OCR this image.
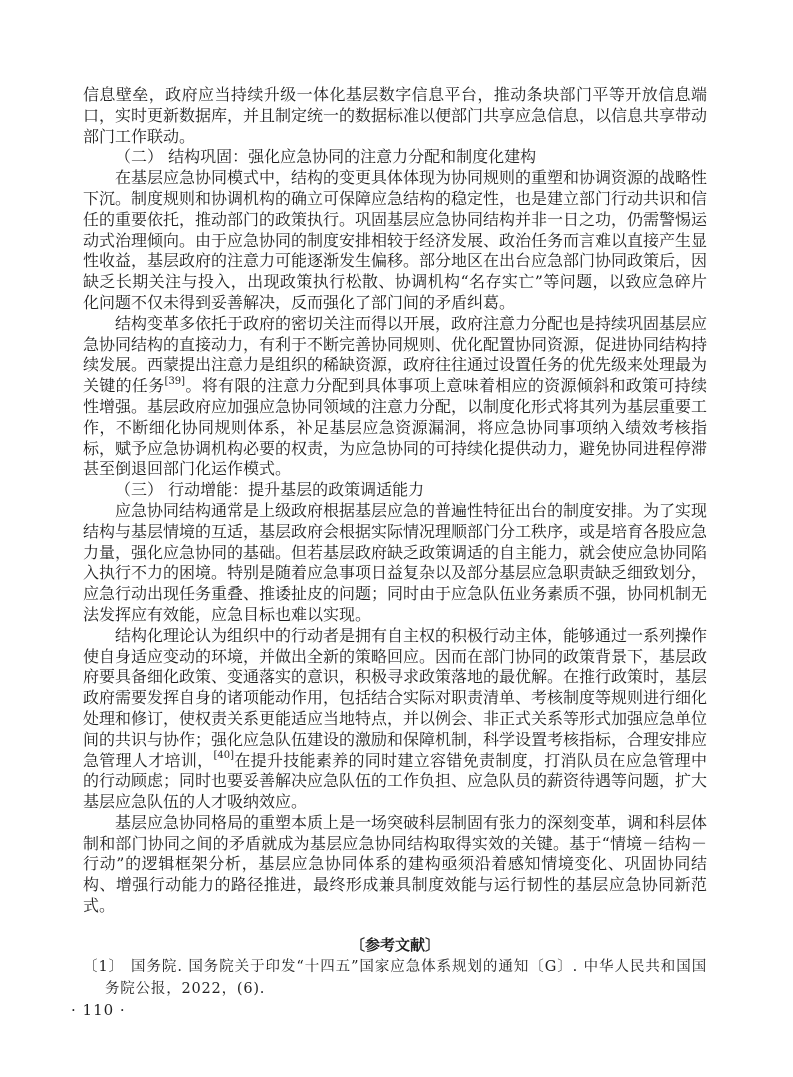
信息壁垒，政府应当持续升级一体化基层数字信息平台，推动条块部门平等开放信息端口，实时更新数据库，并且制定统一的数据标准以便部门共享应急信息，以信息共享带动部门工作联动。

（二） 结构巩固：强化应急协同的注意力分配和制度化建构

在基层应急协同模式中，结构的变更具体体现为协同规则的重塑和协调资源的战略性下沉。制度规则和协调机构的确立可保障应急结构的稳定性，也是建立部门行动共识和信任的重要依托，推动部门的政策执行。巩固基层应急协同结构并非一日之功，仍需警惕运动式治理倾向。由于应急协同的制度安排相较于经济发展、政治任务而言难以直接产生显性收益，基层政府的注意力可能逐渐发生偏移。部分地区在出台应急部门协同政策后，因缺乏长期关注与投入，出现政策执行松散、协调机构“名存实亡”等问题，以致应急碎片化问题不仅未得到妥善解决，反而强化了部门间的矛盾纠葛。

结构变革多依托于政府的密切关注而得以开展，政府注意力分配也是持续巩固基层应急协同结构的直接动力，有利于不断完善协同规则、优化配置协同资源，促进协同结构持续发展。西蒙提出注意力是组织的稀缺资源，政府往往通过设置任务的优先级来处理最为关键的任务[39]。将有限的注意力分配到具体事项上意味着相应的资源倾斜和政策可持续性增强。基层政府应加强应急协同领域的注意力分配，以制度化形式将其列为基层重要工作，不断细化协同规则体系，补足基层应急资源漏洞，将应急协同事项纳入绩效考核指标，赋予应急协调机构必要的权责，为应急协同的可持续化提供动力，避免协同进程停滞甚至倒退回部门化运作模式。

（三） 行动增能：提升基层的政策调适能力

应急协同结构通常是上级政府根据基层应急的普遍性特征出台的制度安排。为了实现结构与基层情境的互适，基层政府会根据实际情况理顺部门分工秩序，或是培育各股应急力量，强化应急协同的基础。但若基层政府缺乏政策调适的自主能力，就会使应急协同陷入执行不力的困境。特别是随着应急事项日益复杂以及部分基层应急职责缺乏细致划分，应急行动出现任务重叠、推诿扯皮的问题；同时由于应急队伍业务素质不强，协同机制无法发挥应有效能，应急目标也难以实现。

结构化理论认为组织中的行动者是拥有自主权的积极行动主体，能够通过一系列操作使自身适应变动的环境，并做出全新的策略回应。因而在部门协同的政策背景下，基层政府要具备细化政策、变通落实的意识，积极寻求政策落地的最优解。在推行政策时，基层政府需要发挥自身的诸项能动作用，包括结合实际对职责清单、考核制度等规则进行细化处理和修订，使权责关系更能适应当地特点，并以例会、非正式关系等形式加强应急单位间的共识与协作；强化应急队伍建设的激励和保障机制，科学设置考核指标，合理安排应急管理人才培训，[40]在提升技能素养的同时建立容错免责制度，打消队员在应急管理中的行动顾虑；同时也要妥善解决应急队伍的工作负担、应急队员的薪资待遇等问题，扩大基层应急队伍的人才吸纳效应。

基层应急协同格局的重塑本质上是一场突破科层制固有张力的深刻变革，调和科层体制和部门协同之间的矛盾就成为基层应急协同结构取得实效的关键。基于“情境－结构－行动”的逻辑框架分析，基层应急协同体系的建构亟须沿着感知情境变化、巩固协同结构、增强行动能力的路径推进，最终形成兼具制度效能与运行韧性的基层应急协同新范式。

〔参考文献〕

〔1〕 国务院. 国务院关于印发“十四五”国家应急体系规划的通知〔G〕. 中华人民共和国国务院公报，2022，(6).

· 110 ·
